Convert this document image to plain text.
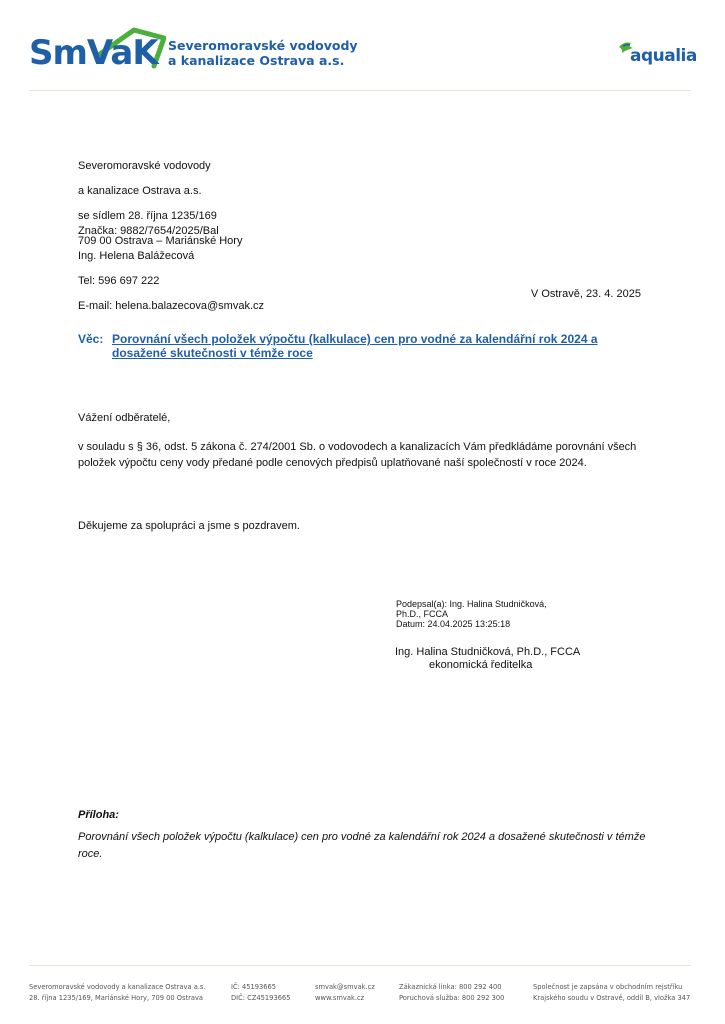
SmVaK Severomoravské vodovody
a kanalizace Ostrava a.s.	aqualia

Severomoravské vodovody

a kanalizace Ostrava a.s.

se sídlem 28. října 1235/169

709 00 Ostrava – Mariánské Hory

Značka: 9882/7654/2025/Bal

Ing. Helena Balážecová

Tel: 596 697 222

E-mail: helena.balazecova@smvak.cz

V Ostravě, 23. 4. 2025
Věc: Porovnání všech položek výpočtu (kalkulace) cen pro vodné za kalendářní rok 2024 a
dosažené skutečnosti v témže roce
Vážení odběratelé,
v souladu s § 36, odst. 5 zákona č. 274/2001 Sb. o vodovodech a kanalizacích Vám předkládáme porovnání všech položek výpočtu ceny vody předané podle cenových předpisů uplatňované naší společností v roce 2024.
Děkujeme za spolupráci a jsme s pozdravem.
Podepsal(a): Ing. Halina Studničková,
Ph.D., FCCA
Datum: 24.04.2025 13:25:18
Ing. Halina Studničková, Ph.D., FCCA
ekonomická ředitelka
Příloha:
Porovnání všech položek výpočtu (kalkulace) cen pro vodné za kalendářní rok 2024 a dosažené skutečnosti v témže roce.
Severomoravské vodovody a kanalizace Ostrava a.s.
28. října 1235/169, Mariánské Hory, 709 00 Ostrava
IČ: 45193665
DIČ: CZ45193665
smvak@smvak.cz
www.smvak.cz
Zákaznická linka: 800 292 400
Poruchová služba: 800 292 300
Společnost je zapsána v obchodním rejstříku
Krajského soudu v Ostravě, oddíl B, vložka 347
